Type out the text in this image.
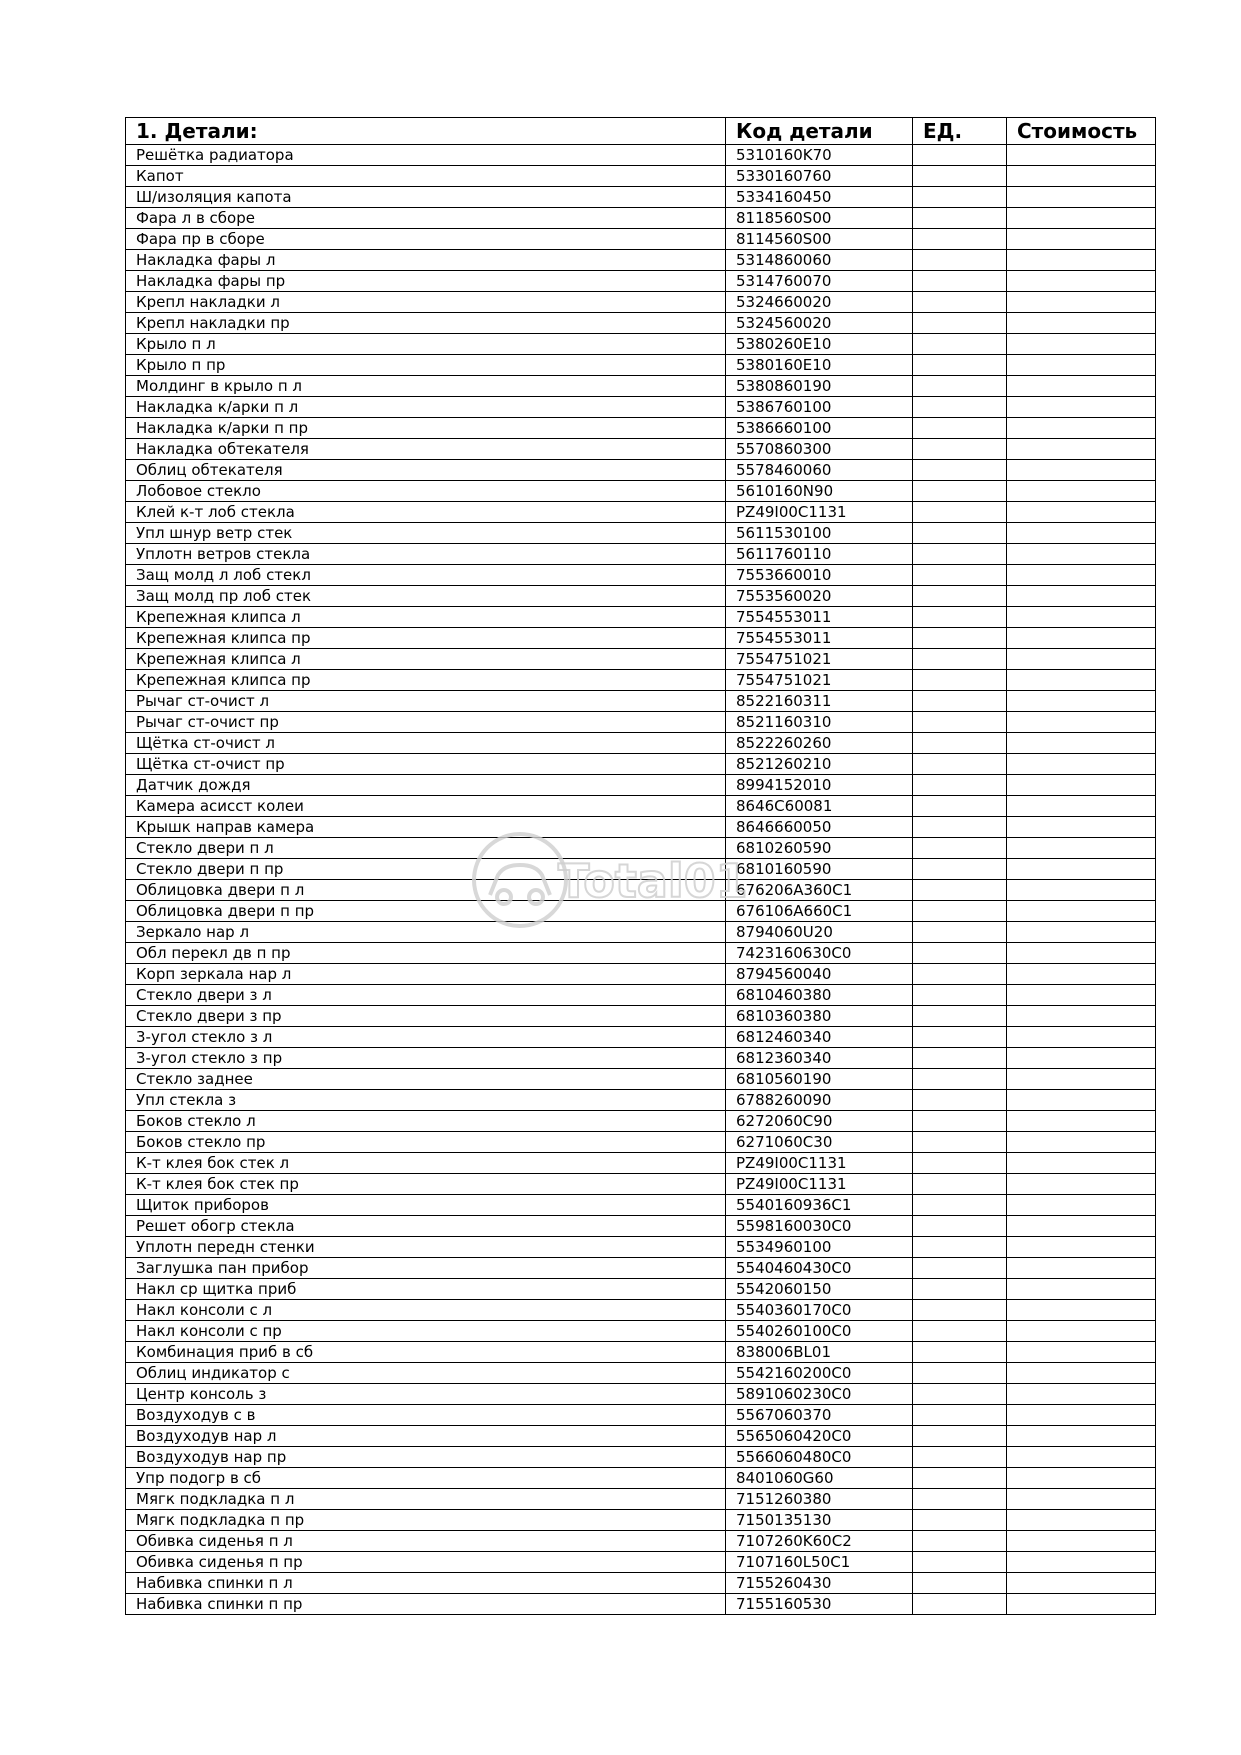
1. Детали:	Код детали	ЕД.	Стоимость
Решётка радиатора	5310160K70		
Капот	5330160760		
Ш/изоляция капота	5334160450		
Фара л в сборе	8118560S00		
Фара пр в сборе	8114560S00		
Накладка фары л	5314860060		
Накладка фары пр	5314760070		
Крепл накладки л	5324660020		
Крепл накладки пр	5324560020		
Крыло п л	5380260E10		
Крыло п пр	5380160E10		
Молдинг в крыло п л	5380860190		
Накладка к/арки п л	5386760100		
Накладка к/арки п пр	5386660100		
Накладка обтекателя	5570860300		
Облиц обтекателя	5578460060		
Лобовое стекло	5610160N90		
Клей к-т лоб стекла	PZ49I00C1131		
Упл шнур ветр стек	5611530100		
Уплотн ветров стекла	5611760110		
Защ молд л лоб стекл	7553660010		
Защ молд пр лоб стек	7553560020		
Крепежная клипса л	7554553011		
Крепежная клипса пр	7554553011		
Крепежная клипса л	7554751021		
Крепежная клипса пр	7554751021		
Рычаг ст-очист л	8522160311		
Рычаг ст-очист пр	8521160310		
Щётка ст-очист л	8522260260		
Щётка ст-очист пр	8521260210		
Датчик дождя	8994152010		
Камера асисст колеи	8646C60081		
Крышк направ камера	8646660050		
Стекло двери п л	6810260590		
Стекло двери п пр	6810160590		
Облицовка двери п л	676206A360C1		
Облицовка двери п пр	676106A660C1		
Зеркало нар л	8794060U20		
Обл перекл дв п пр	7423160630C0		
Корп зеркала нар л	8794560040		
Стекло двери з л	6810460380		
Стекло двери з пр	6810360380		
3-угол стекло з л	6812460340		
3-угол стекло з пр	6812360340		
Стекло заднее	6810560190		
Упл стекла з	6788260090		
Боков стекло л	6272060C90		
Боков стекло пр	6271060C30		
К-т клея бок стек л	PZ49I00C1131		
К-т клея бок стек пр	PZ49I00C1131		
Щиток приборов	5540160936C1		
Решет обогр стекла	5598160030C0		
Уплотн передн стенки	5534960100		
Заглушка пан прибор	5540460430C0		
Накл ср щитка приб	5542060150		
Накл консоли с л	5540360170C0		
Накл консоли с пр	5540260100C0		
Комбинация приб в сб	838006BL01		
Облиц индикатор с	5542160200C0		
Центр консоль з	5891060230C0		
Воздуходув с в	5567060370		
Воздуходув нар л	5565060420C0		
Воздуходув нар пр	5566060480C0		
Упр подогр в сб	8401060G60		
Мягк подкладка п л	7151260380		
Мягк подкладка п пр	7150135130		
Обивка сиденья п л	7107260K60C2		
Обивка сиденья п пр	7107160L50C1		
Набивка спинки п л	7155260430		
Набивка спинки п пр	7155160530		
Total01
